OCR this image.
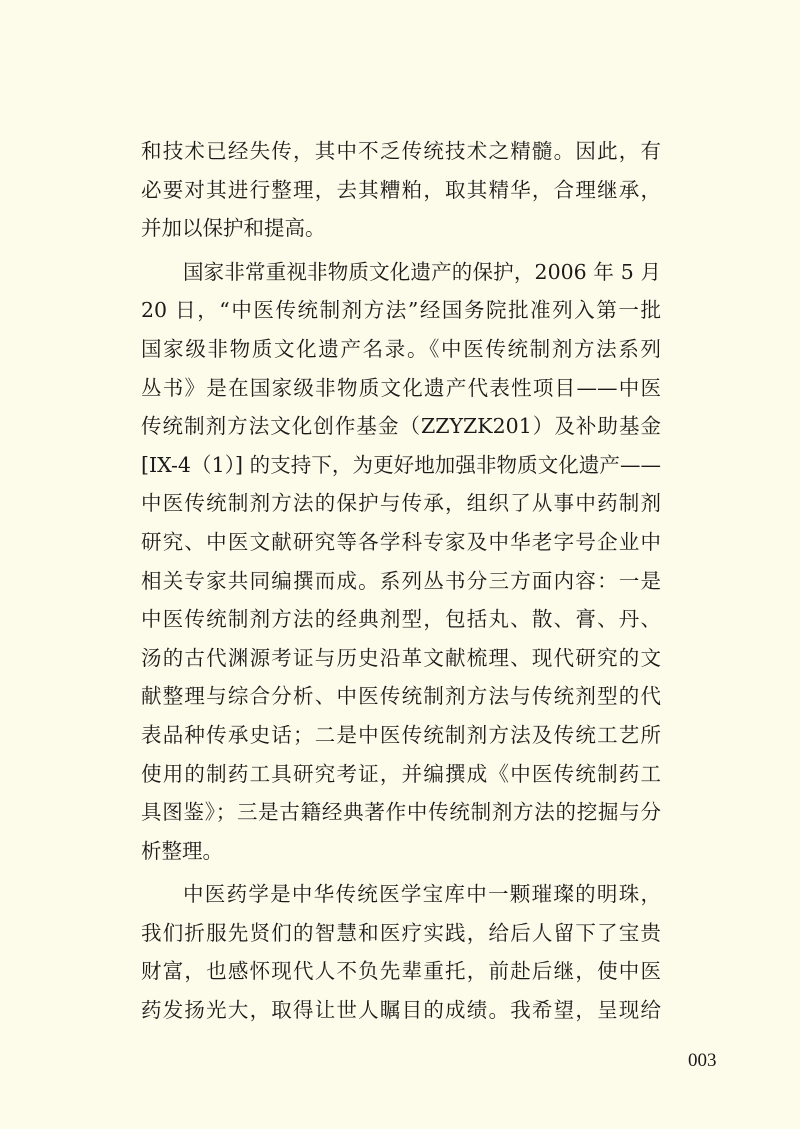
和技术已经失传，其中不乏传统技术之精髓。因此，有
必要对其进行整理，去其糟粕，取其精华，合理继承，
并加以保护和提高。
国家非常重视非物质文化遗产的保护，2006 年 5 月
20 日，“中医传统制剂方法”经国务院批准列入第一批
国家级非物质文化遗产名录。《中医传统制剂方法系列
丛书》是在国家级非物质文化遗产代表性项目——中医
传统制剂方法文化创作基金（ZZYZK201）及补助基金
[IX-4（1）] 的支持下，为更好地加强非物质文化遗产——
中医传统制剂方法的保护与传承，组织了从事中药制剂
研究、中医文献研究等各学科专家及中华老字号企业中
相关专家共同编撰而成。系列丛书分三方面内容：一是
中医传统制剂方法的经典剂型，包括丸、散、膏、丹、
汤的古代渊源考证与历史沿革文献梳理、现代研究的文
献整理与综合分析、中医传统制剂方法与传统剂型的代
表品种传承史话；二是中医传统制剂方法及传统工艺所
使用的制药工具研究考证，并编撰成《中医传统制药工
具图鉴》；三是古籍经典著作中传统制剂方法的挖掘与分
析整理。
中医药学是中华传统医学宝库中一颗璀璨的明珠，
我们折服先贤们的智慧和医疗实践，给后人留下了宝贵
财富，也感怀现代人不负先辈重托，前赴后继，使中医
药发扬光大，取得让世人瞩目的成绩。我希望，呈现给
003
